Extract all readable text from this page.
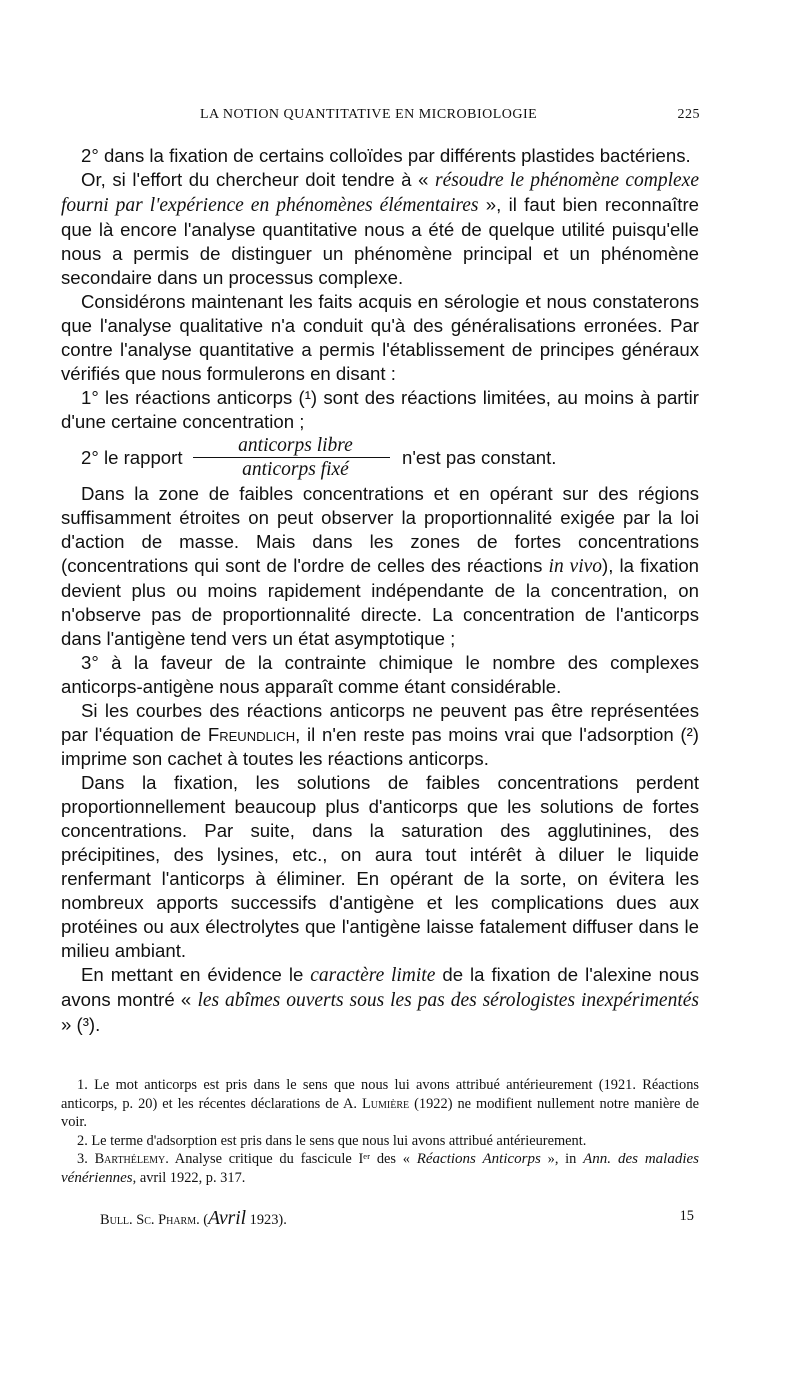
LA NOTION QUANTITATIVE EN MICROBIOLOGIE	225

2° dans la fixation de certains colloïdes par différents plastides bactériens.

Or, si l'effort du chercheur doit tendre à « résoudre le phénomène complexe fourni par l'expérience en phénomènes élémentaires », il faut bien reconnaître que là encore l'analyse quantitative nous a été de quelque utilité puisqu'elle nous a permis de distinguer un phénomène principal et un phénomène secondaire dans un processus complexe.

Considérons maintenant les faits acquis en sérologie et nous constaterons que l'analyse qualitative n'a conduit qu'à des généralisations erronées. Par contre l'analyse quantitative a permis l'établissement de principes généraux vérifiés que nous formulerons en disant :

1° les réactions anticorps (¹) sont des réactions limitées, au moins à partir d'une certaine concentration ;

2° le rapport
anticorps libre
anticorps fixé
n'est pas constant.

Dans la zone de faibles concentrations et en opérant sur des régions suffisamment étroites on peut observer la proportionnalité exigée par la loi d'action de masse. Mais dans les zones de fortes concentrations (concentrations qui sont de l'ordre de celles des réactions in vivo), la fixation devient plus ou moins rapidement indépendante de la concentration, on n'observe pas de proportionnalité directe. La concentration de l'anticorps dans l'antigène tend vers un état asymptotique ;

3° à la faveur de la contrainte chimique le nombre des complexes anticorps-antigène nous apparaît comme étant considérable.

Si les courbes des réactions anticorps ne peuvent pas être représentées par l'équation de Freundlich, il n'en reste pas moins vrai que l'adsorption (²) imprime son cachet à toutes les réactions anticorps.

Dans la fixation, les solutions de faibles concentrations perdent proportionnellement beaucoup plus d'anticorps que les solutions de fortes concentrations. Par suite, dans la saturation des agglutinines, des précipitines, des lysines, etc., on aura tout intérêt à diluer le liquide renfermant l'anticorps à éliminer. En opérant de la sorte, on évitera les nombreux apports successifs d'antigène et les complications dues aux protéines ou aux électrolytes que l'antigène laisse fatalement diffuser dans le milieu ambiant.

En mettant en évidence le caractère limite de la fixation de l'alexine nous avons montré « les abîmes ouverts sous les pas des sérologistes inexpérimentés » (³).

1. Le mot anticorps est pris dans le sens que nous lui avons attribué antérieurement (1921. Réactions anticorps, p. 20) et les récentes déclarations de A. Lumière (1922) ne modifient nullement notre manière de voir.

2. Le terme d'adsorption est pris dans le sens que nous lui avons attribué antérieurement.

3. Barthélemy. Analyse critique du fascicule Iᵉʳ des « Réactions Anticorps », in Ann. des maladies vénériennes, avril 1922, p. 317.

Bull. Sc. Pharm. (Avril 1923).	15
